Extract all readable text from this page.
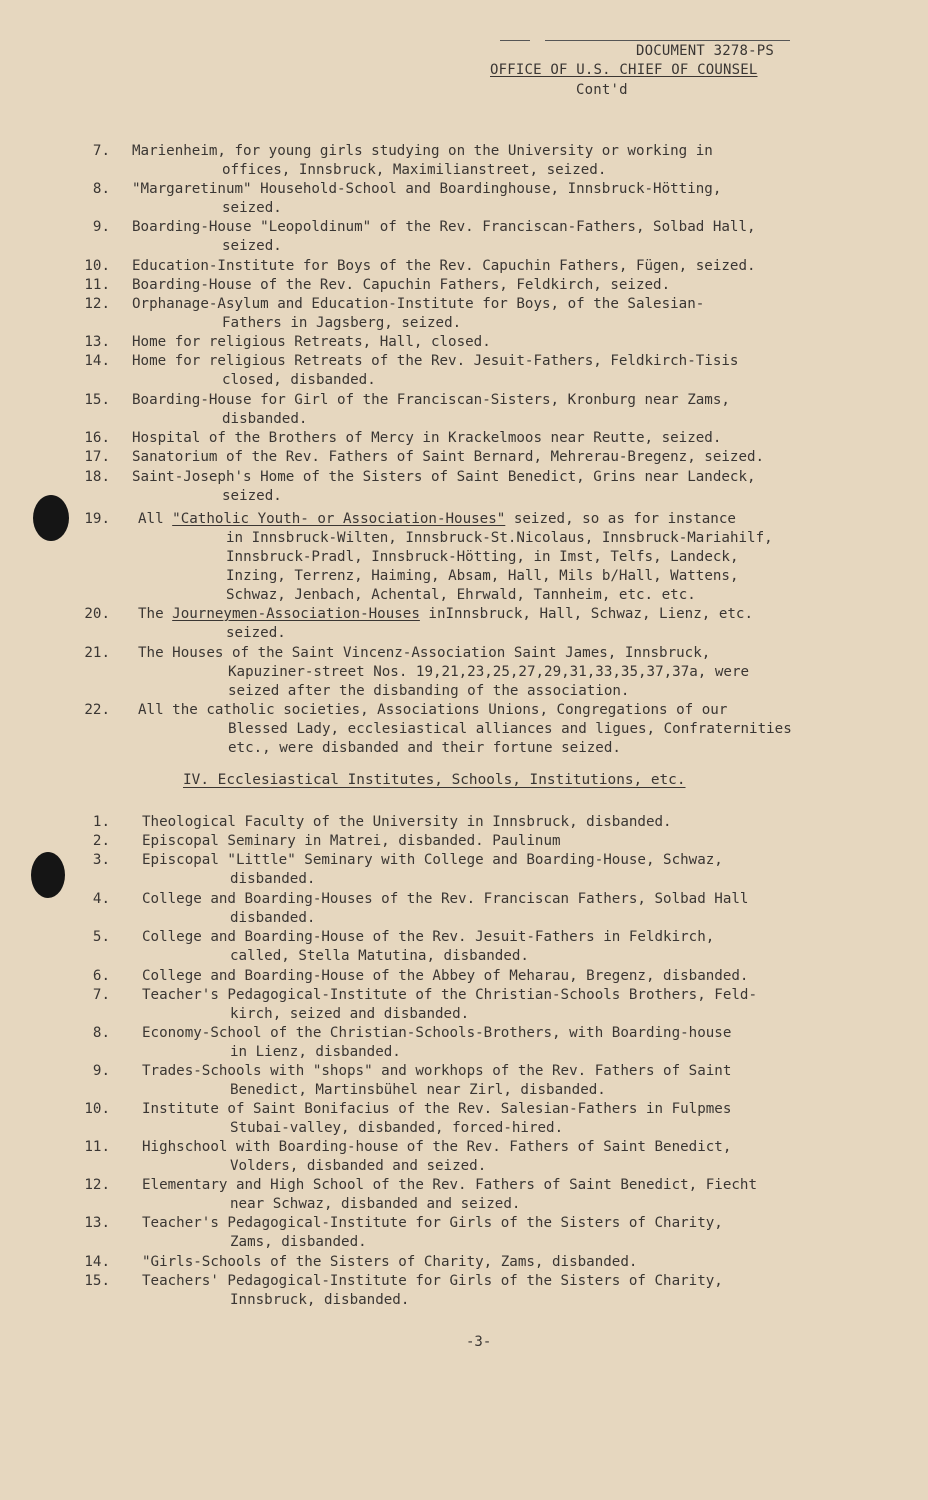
DOCUMENT 3278-PS
OFFICE OF U.S. CHIEF OF COUNSEL
Cont'd
7. Marienheim, for young girls studying on the University or working in
offices, Innsbruck, Maximilianstreet, seized.
8. "Margaretinum" Household-School and Boardinghouse, Innsbruck-Hötting,
seized.
9. Boarding-House "Leopoldinum" of the Rev. Franciscan-Fathers, Solbad Hall,
seized.
10. Education-Institute for Boys of the Rev. Capuchin Fathers, Fügen, seized.
11. Boarding-House of the Rev. Capuchin Fathers, Feldkirch, seized.
12. Orphanage-Asylum and Education-Institute for Boys, of the Salesian-
Fathers in Jagsberg, seized.
13. Home for religious Retreats, Hall, closed.
14. Home for religious Retreats of the Rev. Jesuit-Fathers, Feldkirch-Tisis
closed, disbanded.
15. Boarding-House for Girl of the Franciscan-Sisters, Kronburg near Zams,
disbanded.
16. Hospital of the Brothers of Mercy in Krackelmoos near Reutte, seized.
17. Sanatorium of the Rev. Fathers of Saint Bernard, Mehrerau-Bregenz, seized.
18. Saint-Joseph's Home of the Sisters of Saint Benedict, Grins near Landeck,
seized.
19. All "Catholic Youth- or Association-Houses" seized, so as for instance
in Innsbruck-Wilten, Innsbruck-St.Nicolaus, Innsbruck-Mariahilf,
Innsbruck-Pradl, Innsbruck-Hötting, in Imst, Telfs, Landeck,
Inzing, Terrenz, Haiming, Absam, Hall, Mils b/Hall, Wattens,
Schwaz, Jenbach, Achental, Ehrwald, Tannheim, etc. etc.
20. The Journeymen-Association-Houses inInnsbruck, Hall, Schwaz, Lienz, etc.
seized.
21. The Houses of the Saint Vincenz-Association Saint James, Innsbruck,
Kapuziner-street Nos. 19,21,23,25,27,29,31,33,35,37,37a, were
seized after the disbanding of the association.
22. All the catholic societies, Associations Unions, Congregations of our
Blessed Lady, ecclesiastical alliances and ligues, Confraternities
etc., were disbanded and their fortune seized.
IV. Ecclesiastical Institutes, Schools, Institutions, etc.
1. Theological Faculty of the University in Innsbruck, disbanded.
2. Episcopal Seminary in Matrei, disbanded. Paulinum
3. Episcopal "Little" Seminary with College and Boarding-House, Schwaz,
disbanded.
4. College and Boarding-Houses of the Rev. Franciscan Fathers, Solbad Hall
disbanded.
5. College and Boarding-House of the Rev. Jesuit-Fathers in Feldkirch,
called, Stella Matutina, disbanded.
6. College and Boarding-House of the Abbey of Meharau, Bregenz, disbanded.
7. Teacher's Pedagogical-Institute of the Christian-Schools Brothers, Feld-
kirch, seized and disbanded.
8. Economy-School of the Christian-Schools-Brothers, with Boarding-house
in Lienz, disbanded.
9. Trades-Schools with "shops" and workhops of the Rev. Fathers of Saint
Benedict, Martinsbühel near Zirl, disbanded.
10. Institute of Saint Bonifacius of the Rev. Salesian-Fathers in Fulpmes
Stubai-valley, disbanded, forced-hired.
11. Highschool with Boarding-house of the Rev. Fathers of Saint Benedict,
Volders, disbanded and seized.
12. Elementary and High School of the Rev. Fathers of Saint Benedict, Fiecht
near Schwaz, disbanded and seized.
13. Teacher's Pedagogical-Institute for Girls of the Sisters of Charity,
Zams, disbanded.
14. "Girls-Schools of the Sisters of Charity, Zams, disbanded.
15. Teachers' Pedagogical-Institute for Girls of the Sisters of Charity,
Innsbruck, disbanded.
-3-
